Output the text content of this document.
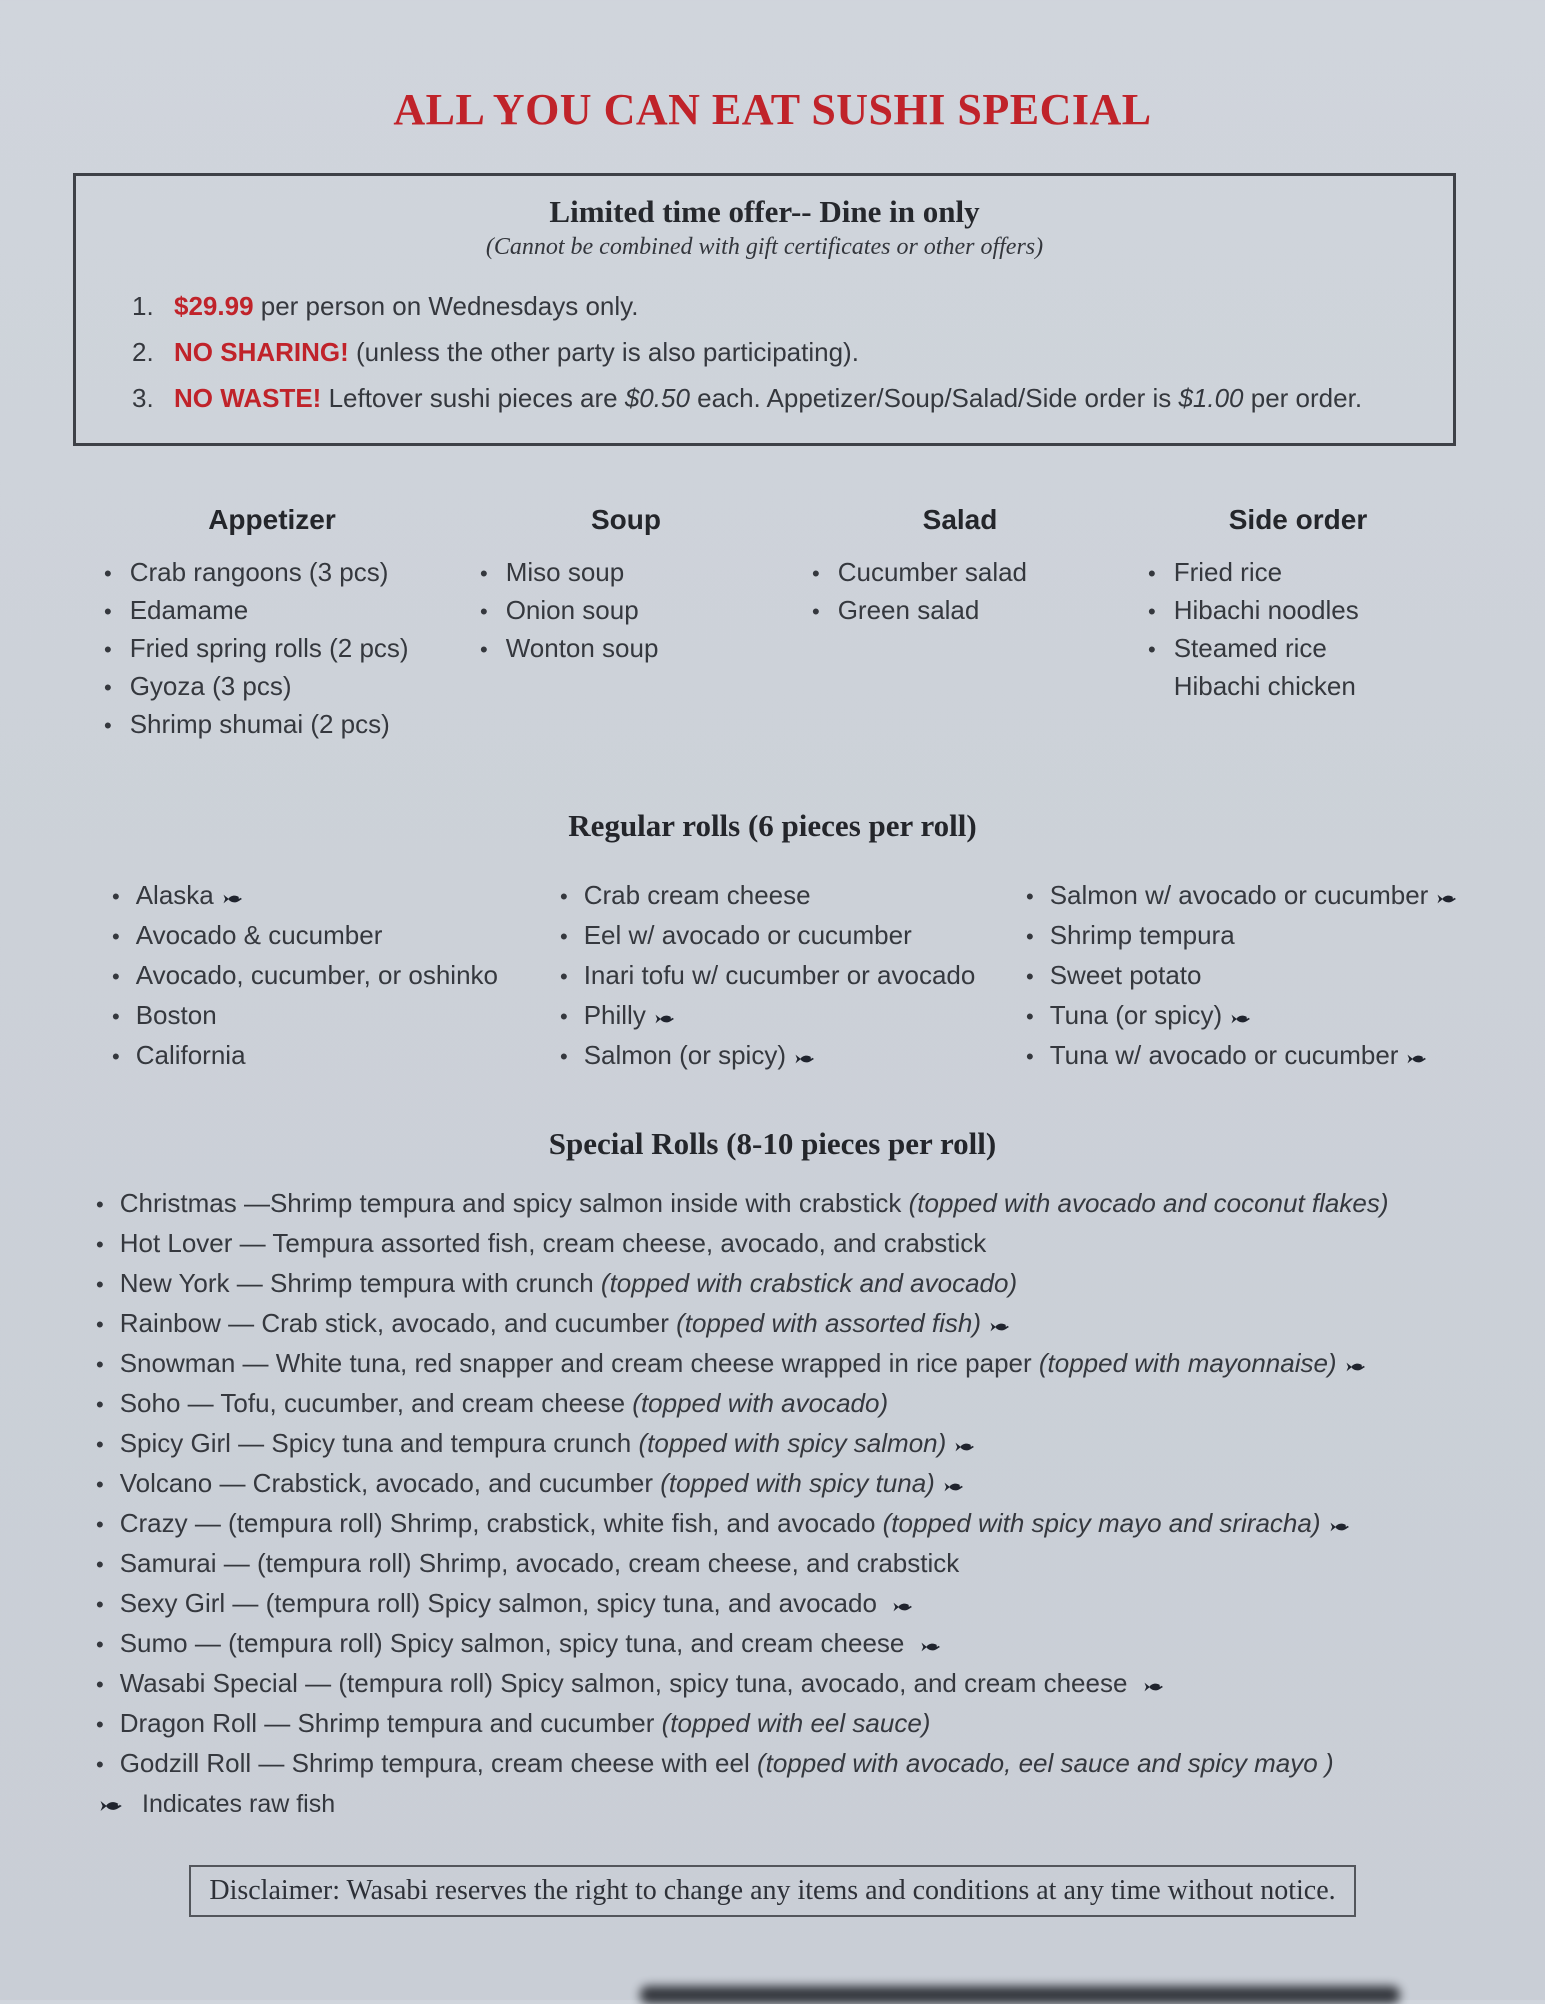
ALL YOU CAN EAT SUSHI SPECIAL
Limited time offer-- Dine in only
(Cannot be combined with gift certificates or other offers)
1. $29.99 per person on Wednesdays only.
2. NO SHARING! (unless the other party is also participating).
3. NO WASTE! Leftover sushi pieces are $0.50 each. Appetizer/Soup/Salad/Side order is $1.00 per order.
Appetizer
•
Crab rangoons (3 pcs)
•
Edamame
•
Fried spring rolls (2 pcs)
•
Gyoza (3 pcs)
•
Shrimp shumai (2 pcs)
Soup
•
Miso soup
•
Onion soup
•
Wonton soup
Salad
•
Cucumber salad
•
Green salad
Side order
•
Fried rice
•
Hibachi noodles
•
Steamed rice
Hibachi chicken
Regular rolls (6 pieces per roll)
•
Alaska
•
Avocado & cucumber
•
Avocado, cucumber, or oshinko
•
Boston
•
California
•
Crab cream cheese
•
Eel w/ avocado or cucumber
•
Inari tofu w/ cucumber or avocado
•
Philly
•
Salmon (or spicy)
•
Salmon w/ avocado or cucumber
•
Shrimp tempura
•
Sweet potato
•
Tuna (or spicy)
•
Tuna w/ avocado or cucumber
Special Rolls (8-10 pieces per roll)
•
Christmas —Shrimp tempura and spicy salmon inside with crabstick (topped with avocado and coconut flakes)
•
Hot Lover — Tempura assorted fish, cream cheese, avocado, and crabstick
•
New York — Shrimp tempura with crunch (topped with crabstick and avocado)
•
Rainbow — Crab stick, avocado, and cucumber (topped with assorted fish)
•
Snowman — White tuna, red snapper and cream cheese wrapped in rice paper (topped with mayonnaise)
•
Soho — Tofu, cucumber, and cream cheese (topped with avocado)
•
Spicy Girl — Spicy tuna and tempura crunch (topped with spicy salmon)
•
Volcano — Crabstick, avocado, and cucumber (topped with spicy tuna)
•
Crazy — (tempura roll) Shrimp, crabstick, white fish, and avocado (topped with spicy mayo and sriracha)
•
Samurai — (tempura roll) Shrimp, avocado, cream cheese, and crabstick
•
Sexy Girl — (tempura roll) Spicy salmon, spicy tuna, and avocado
•
Sumo — (tempura roll) Spicy salmon, spicy tuna, and cream cheese
•
Wasabi Special — (tempura roll) Spicy salmon, spicy tuna, avocado, and cream cheese
•
Dragon Roll — Shrimp tempura and cucumber (topped with eel sauce)
•
Godzill Roll — Shrimp tempura, cream cheese with eel (topped with avocado, eel sauce and spicy mayo )
Indicates raw fish
Disclaimer: Wasabi reserves the right to change any items and conditions at any time without notice.
